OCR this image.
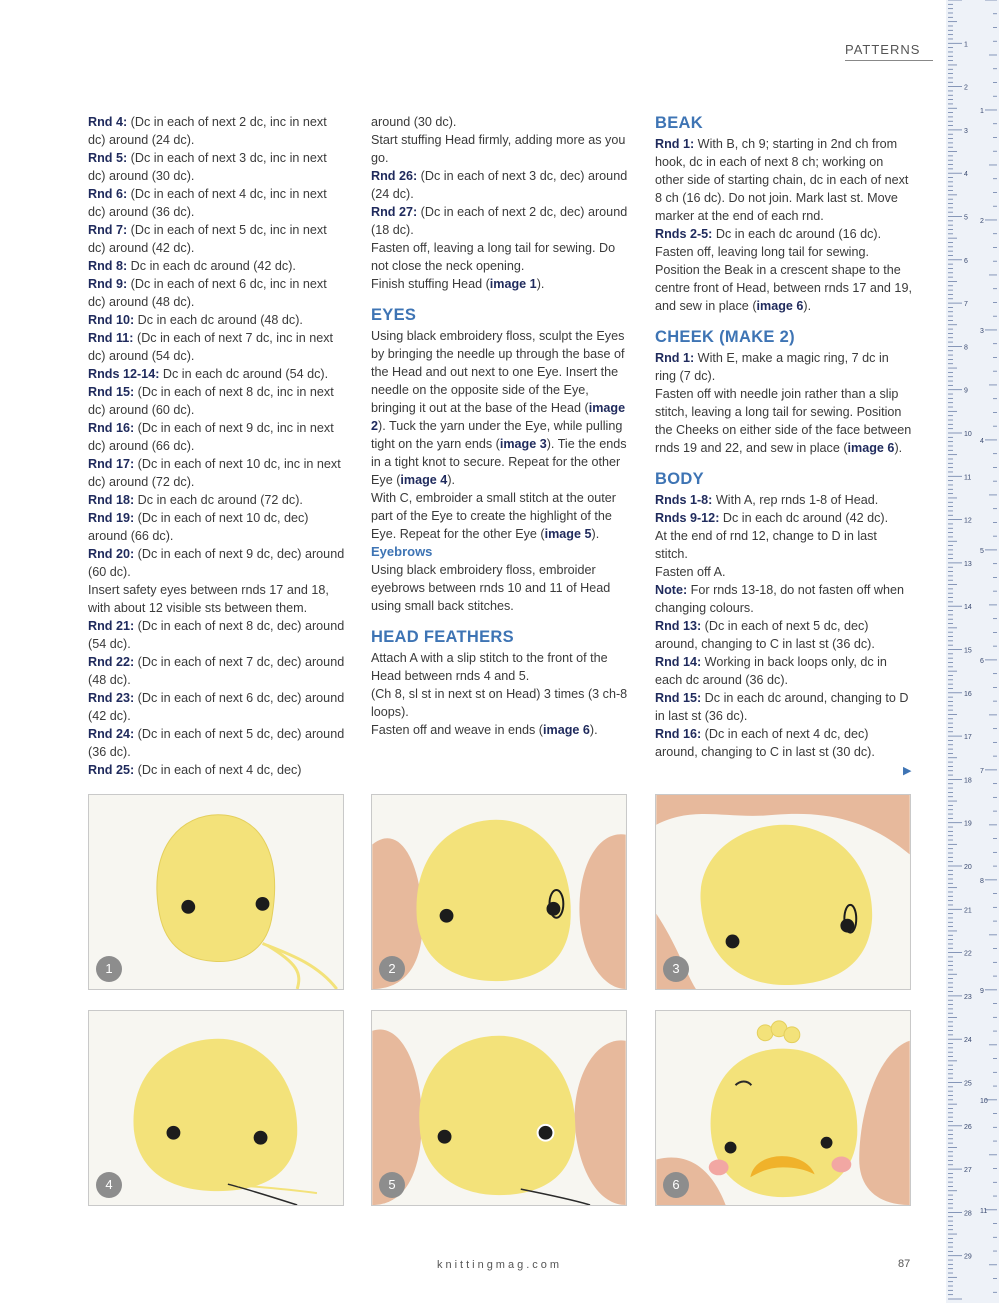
PATTERNS

Rnd 4: (Dc in each of next 2 dc, inc in next dc) around (24 dc).

Rnd 5: (Dc in each of next 3 dc, inc in next dc) around (30 dc).

Rnd 6: (Dc in each of next 4 dc, inc in next dc) around (36 dc).

Rnd 7: (Dc in each of next 5 dc, inc in next dc) around (42 dc).

Rnd 8: Dc in each dc around (42 dc).

Rnd 9: (Dc in each of next 6 dc, inc in next dc) around (48 dc).

Rnd 10: Dc in each dc around (48 dc).

Rnd 11: (Dc in each of next 7 dc, inc in next dc) around (54 dc).

Rnds 12-14: Dc in each dc around (54 dc).

Rnd 15: (Dc in each of next 8 dc, inc in next dc) around (60 dc).

Rnd 16: (Dc in each of next 9 dc, inc in next dc) around (66 dc).

Rnd 17: (Dc in each of next 10 dc, inc in next dc) around (72 dc).

Rnd 18: Dc in each dc around (72 dc).

Rnd 19: (Dc in each of next 10 dc, dec) around (66 dc).

Rnd 20: (Dc in each of next 9 dc, dec) around (60 dc).

Insert safety eyes between rnds 17 and 18, with about 12 visible sts between them.

Rnd 21: (Dc in each of next 8 dc, dec) around (54 dc).

Rnd 22: (Dc in each of next 7 dc, dec) around (48 dc).

Rnd 23: (Dc in each of next 6 dc, dec) around (42 dc).

Rnd 24: (Dc in each of next 5 dc, dec) around (36 dc).

Rnd 25: (Dc in each of next 4 dc, dec)

around (30 dc).

Start stuffing Head firmly, adding more as you go.

Rnd 26: (Dc in each of next 3 dc, dec) around (24 dc).

Rnd 27: (Dc in each of next 2 dc, dec) around (18 dc).

Fasten off, leaving a long tail for sewing. Do not close the neck opening.

Finish stuffing Head (image 1).

EYES

Using black embroidery floss, sculpt the Eyes by bringing the needle up through the base of the Head and out next to one Eye. Insert the needle on the opposite side of the Eye, bringing it out at the base of the Head (image 2). Tuck the yarn under the Eye, while pulling tight on the yarn ends (image 3). Tie the ends in a tight knot to secure. Repeat for the other Eye (image 4).

With C, embroider a small stitch at the outer part of the Eye to create the highlight of the Eye. Repeat for the other Eye (image 5).

Eyebrows

Using black embroidery floss, embroider eyebrows between rnds 10 and 11 of Head using small back stitches.

HEAD FEATHERS

Attach A with a slip stitch to the front of the Head between rnds 4 and 5.

(Ch 8, sl st in next st on Head) 3 times (3 ch-8 loops).

Fasten off and weave in ends (image 6).

BEAK

Rnd 1: With B, ch 9; starting in 2nd ch from hook, dc in each of next 8 ch; working on other side of starting chain, dc in each of next 8 ch (16 dc). Do not join. Mark last st. Move marker at the end of each rnd.

Rnds 2-5: Dc in each dc around (16 dc).

Fasten off, leaving long tail for sewing. Position the Beak in a crescent shape to the centre front of Head, between rnds 17 and 19, and sew in place (image 6).

CHEEK (MAKE 2)

Rnd 1: With E, make a magic ring, 7 dc in ring (7 dc).

Fasten off with needle join rather than a slip stitch, leaving a long tail for sewing. Position the Cheeks on either side of the face between rnds 19 and 22, and sew in place (image 6).

BODY

Rnds 1-8: With A, rep rnds 1-8 of Head.

Rnds 9-12: Dc in each dc around (42 dc).

At the end of rnd 12, change to D in last stitch.

Fasten off A.

Note: For rnds 13-18, do not fasten off when changing colours.

Rnd 13: (Dc in each of next 5 dc, dec) around, changing to C in last st (36 dc).

Rnd 14: Working in back loops only, dc in each dc around (36 dc).

Rnd 15: Dc in each dc around, changing to D in last st (36 dc).

Rnd 16: (Dc in each of next 4 dc, dec) around, changing to C in last st (30 dc).

▶
1	2	3
4	5	6
knittingmag.com	87
1
2
3
4
5
6
7
8
9
10
11
12
13
14
15
16
17
18
19
20
21
22
23
24
25
26
27
28
29
1
2
3
4
5
6
7
8
9
10
11
